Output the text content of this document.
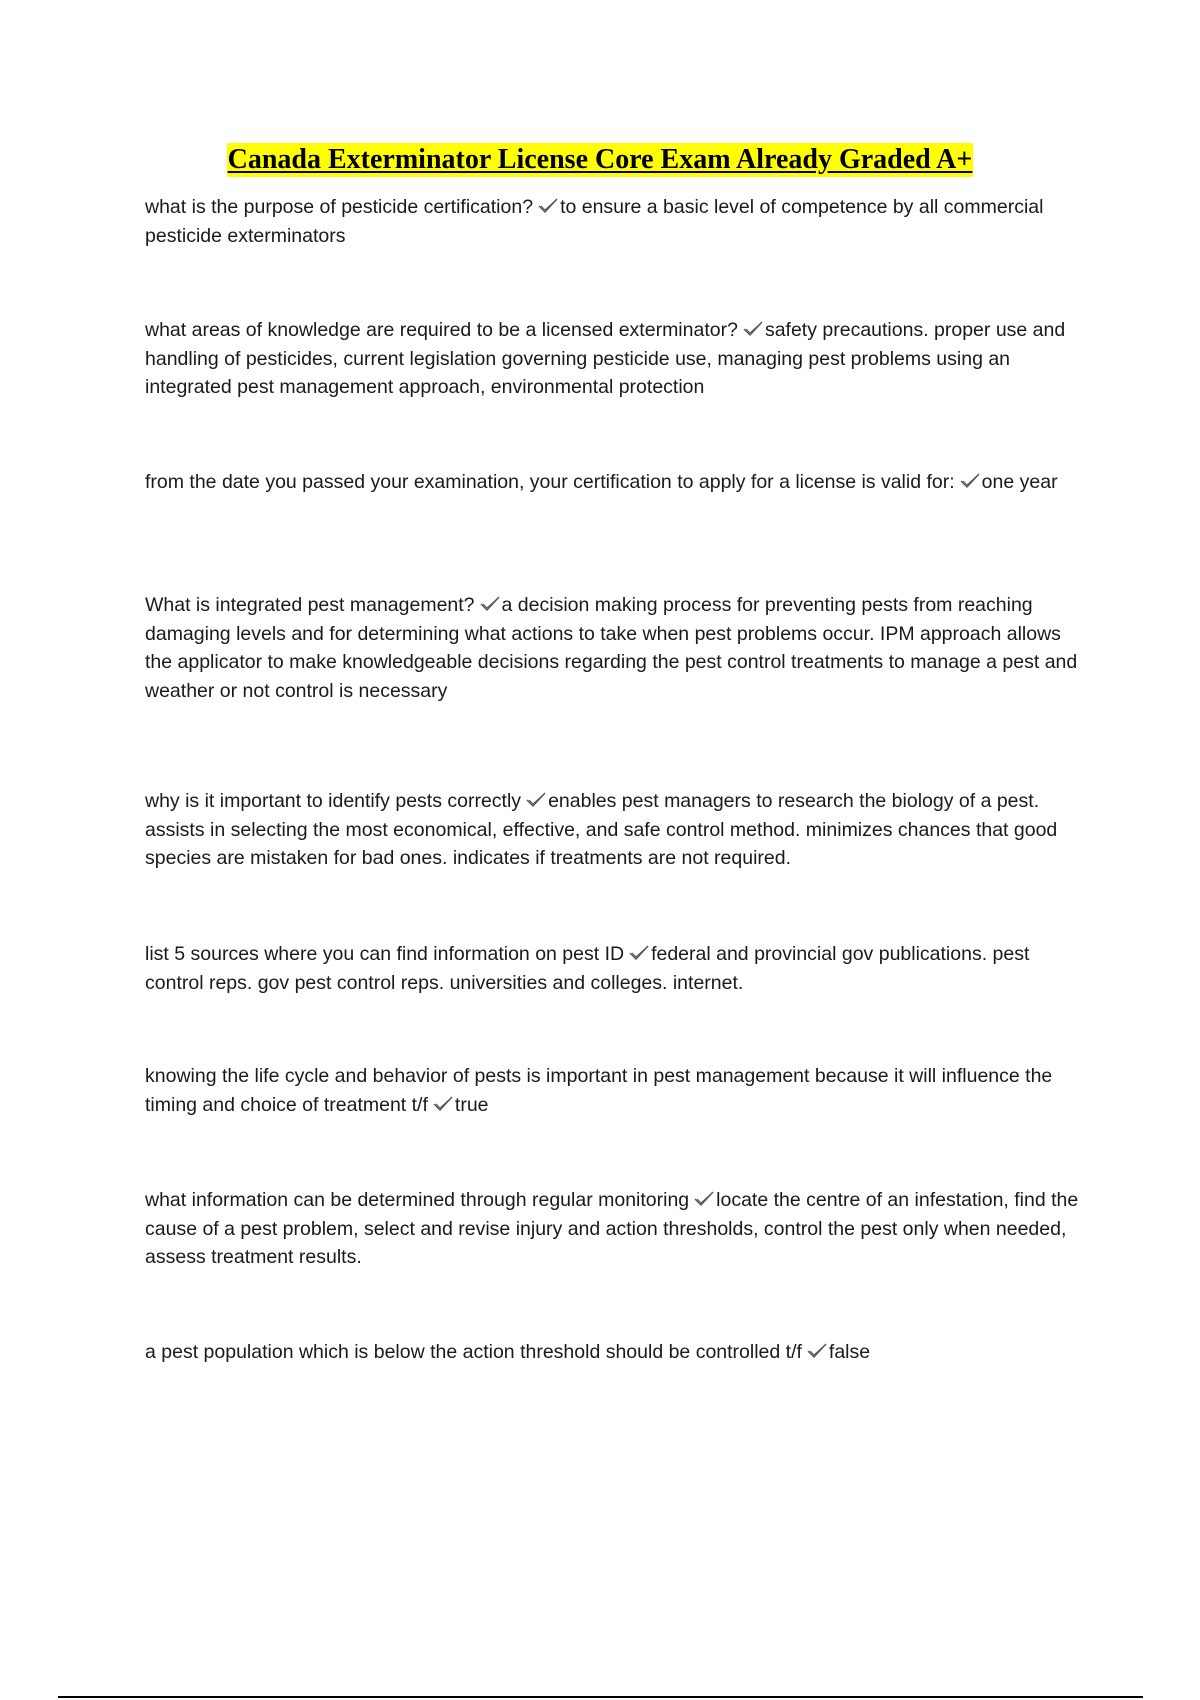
Canada Exterminator License Core Exam Already Graded A+

what is the purpose of pesticide certification? to ensure a basic level of competence by all commercial pesticide exterminators

what areas of knowledge are required to be a licensed exterminator? safety precautions. proper use and handling of pesticides, current legislation governing pesticide use, managing pest problems using an integrated pest management approach, environmental protection

from the date you passed your examination, your certification to apply for a license is valid for: one year

What is integrated pest management? a decision making process for preventing pests from reaching damaging levels and for determining what actions to take when pest problems occur. IPM approach allows the applicator to make knowledgeable decisions regarding the pest control treatments to manage a pest and weather or not control is necessary

why is it important to identify pests correctly enables pest managers to research the biology of a pest. assists in selecting the most economical, effective, and safe control method. minimizes chances that good species are mistaken for bad ones. indicates if treatments are not required.

list 5 sources where you can find information on pest ID federal and provincial gov publications. pest control reps. gov pest control reps. universities and colleges. internet.

knowing the life cycle and behavior of pests is important in pest management because it will influence the timing and choice of treatment t/f true

what information can be determined through regular monitoring locate the centre of an infestation, find the cause of a pest problem, select and revise injury and action thresholds, control the pest only when needed, assess treatment results.

a pest population which is below the action threshold should be controlled t/f false
